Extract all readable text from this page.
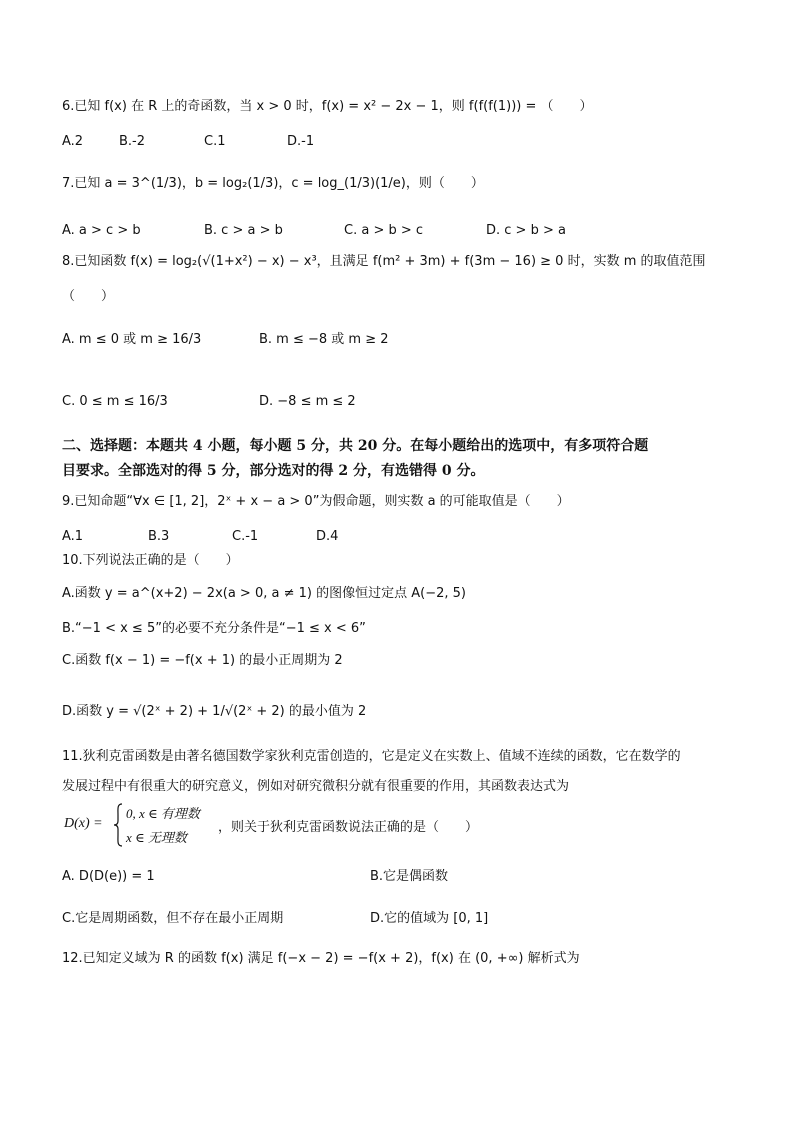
6.已知 f(x) 在 R 上的奇函数，当 x > 0 时，f(x) = x² − 2x − 1，则 f(f(f(1))) = （　　）
A.2	B.-2	C.1	D.-1
7.已知 a = 3^(1/3)，b = log₂(1/3)，c = log_(1/3)(1/e)，则（　　）
A. a > c > b	B. c > a > b	C. a > b > c	D. c > b > a
8.已知函数 f(x) = log₂(√(1+x²) − x) − x³，且满足 f(m² + 3m) + f(3m − 16) ≥ 0 时，实数 m 的取值范围
（　　）
A. m ≤ 0 或 m ≥ 16/3	B. m ≤ −8 或 m ≥ 2
C. 0 ≤ m ≤ 16/3	D. −8 ≤ m ≤ 2
二、选择题：本题共 4 小题，每小题 5 分，共 20 分。在每小题给出的选项中，有多项符合题
目要求。全部选对的得 5 分，部分选对的得 2 分，有选错得 0 分。
9.已知命题“∀x ∈ [1, 2]，2ˣ + x − a > 0”为假命题，则实数 a 的可能取值是（　　）
A.1	B.3	C.-1	D.4
10.下列说法正确的是（　　）
A.函数 y = a^(x+2) − 2x(a > 0, a ≠ 1) 的图像恒过定点 A(−2, 5)
B.“−1 < x ≤ 5”的必要不充分条件是“−1 ≤ x < 6”
C.函数 f(x − 1) = −f(x + 1) 的最小正周期为 2
D.函数 y = √(2ˣ + 2) + 1/√(2ˣ + 2) 的最小值为 2
11.狄利克雷函数是由著名德国数学家狄利克雷创造的，它是定义在实数上、值域不连续的函数，它在数学的
发展过程中有很重大的研究意义，例如对研究微积分就有很重要的作用，其函数表达式为
D(x) =
0, x ∈ 有理数
x ∈ 无理数
，则关于狄利克雷函数说法正确的是（　　）
A. D(D(e)) = 1	B.它是偶函数
C.它是周期函数，但不存在最小正周期	D.它的值域为 [0, 1]
12.已知定义域为 R 的函数 f(x) 满足 f(−x − 2) = −f(x + 2)，f(x) 在 (0, +∞) 解析式为
